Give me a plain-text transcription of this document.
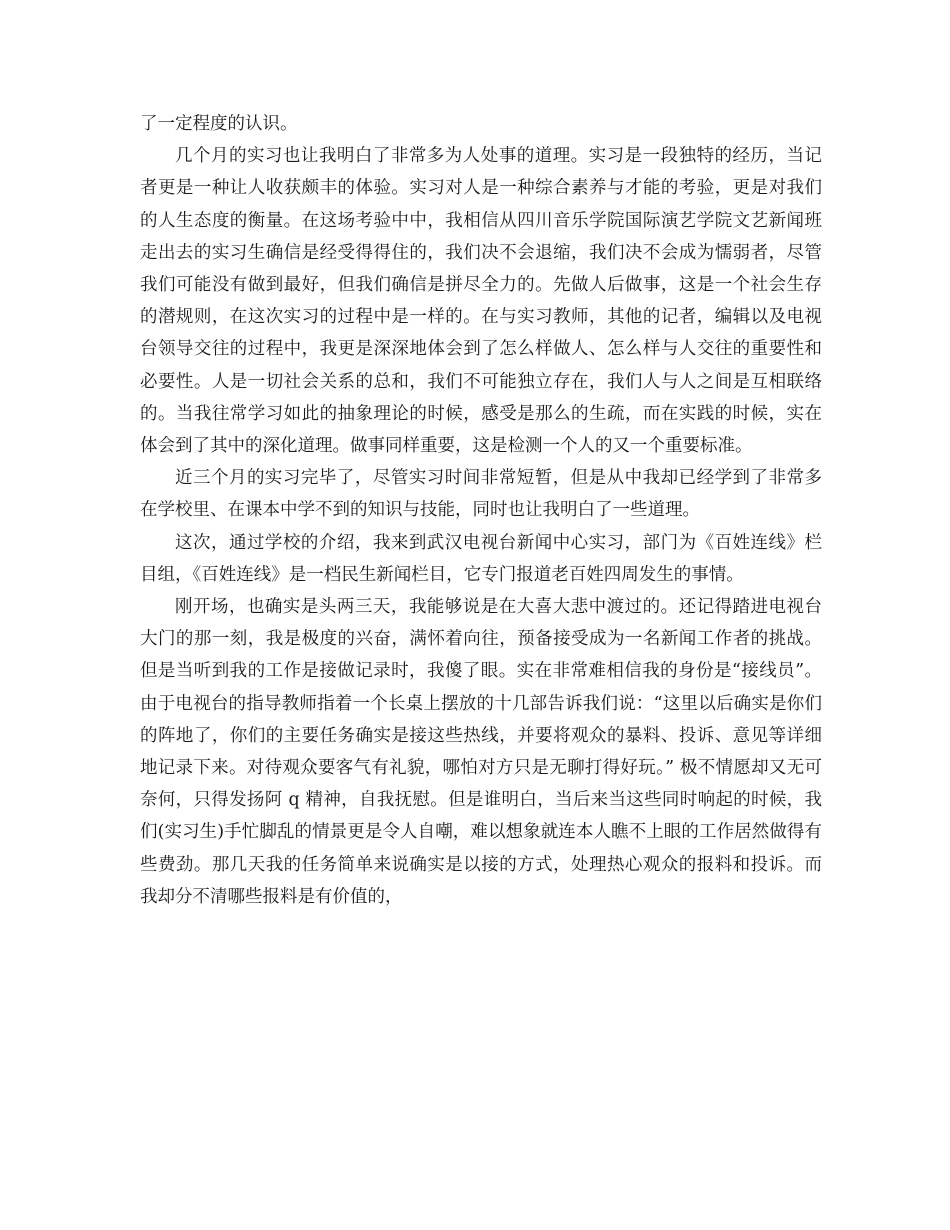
了一定程度的认识。

几个月的实习也让我明白了非常多为人处事的道理。实习是一段独特的经历，当记者更是一种让人收获颇丰的体验。实习对人是一种综合素养与才能的考验，更是对我们的人生态度的衡量。在这场考验中中，我相信从四川音乐学院国际演艺学院文艺新闻班走出去的实习生确信是经受得得住的，我们决不会退缩，我们决不会成为懦弱者，尽管我们可能没有做到最好，但我们确信是拼尽全力的。先做人后做事，这是一个社会生存的潜规则，在这次实习的过程中是一样的。在与实习教师，其他的记者，编辑以及电视台领导交往的过程中，我更是深深地体会到了怎么样做人、怎么样与人交往的重要性和必要性。人是一切社会关系的总和，我们不可能独立存在，我们人与人之间是互相联络的。当我往常学习如此的抽象理论的时候，感受是那么的生疏，而在实践的时候，实在体会到了其中的深化道理。做事同样重要，这是检测一个人的又一个重要标准。

近三个月的实习完毕了，尽管实习时间非常短暂，但是从中我却已经学到了非常多在学校里、在课本中学不到的知识与技能，同时也让我明白了一些道理。

这次，通过学校的介绍，我来到武汉电视台新闻中心实习，部门为《百姓连线》栏目组，《百姓连线》是一档民生新闻栏目，它专门报道老百姓四周发生的事情。

刚开场，也确实是头两三天，我能够说是在大喜大悲中渡过的。还记得踏进电视台大门的那一刻，我是极度的兴奋，满怀着向往，预备接受成为一名新闻工作者的挑战。但是当听到我的工作是接做记录时，我傻了眼。实在非常难相信我的身份是“接线员”。由于电视台的指导教师指着一个长桌上摆放的十几部告诉我们说：“这里以后确实是你们的阵地了，你们的主要任务确实是接这些热线，并要将观众的暴料、投诉、意见等详细地记录下来。对待观众要客气有礼貌，哪怕对方只是无聊打得好玩。” 极不情愿却又无可奈何，只得发扬阿 q 精神，自我抚慰。但是谁明白，当后来当这些同时响起的时候，我们(实习生)手忙脚乱的情景更是令人自嘲，难以想象就连本人瞧不上眼的工作居然做得有些费劲。那几天我的任务简单来说确实是以接的方式，处理热心观众的报料和投诉。而我却分不清哪些报料是有价值的，
